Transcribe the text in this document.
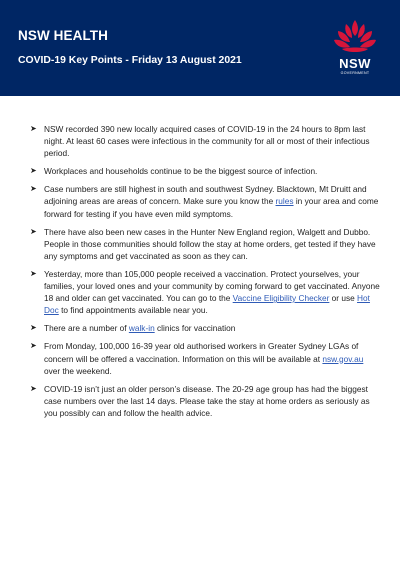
NSW HEALTH
COVID-19 Key Points - Friday 13 August 2021	NSW
GOVERNMENT
➤ NSW recorded 390 new locally acquired cases of COVID-19 in the 24 hours to 8pm last night. At least 60 cases were infectious in the community for all or most of their infectious period.
➤ Workplaces and households continue to be the biggest source of infection.
➤ Case numbers are still highest in south and southwest Sydney. Blacktown, Mt Druitt and adjoining areas are areas of concern. Make sure you know the rules in your area and come forward for testing if you have even mild symptoms.
➤ There have also been new cases in the Hunter New England region, Walgett and Dubbo. People in those communities should follow the stay at home orders, get tested if they have any symptoms and get vaccinated as soon as they can.
➤ Yesterday, more than 105,000 people received a vaccination. Protect yourselves, your families, your loved ones and your community by coming forward to get vaccinated. Anyone 18 and older can get vaccinated. You can go to the Vaccine Eligibility Checker or use Hot Doc to find appointments available near you.
➤ There are a number of walk-in clinics for vaccination
➤ From Monday, 100,000 16-39 year old authorised workers in Greater Sydney LGAs of concern will be offered a vaccination. Information on this will be available at nsw.gov.au over the weekend.
➤ COVID-19 isn’t just an older person’s disease. The 20-29 age group has had the biggest case numbers over the last 14 days. Please take the stay at home orders as seriously as you possibly can and follow the health advice.
